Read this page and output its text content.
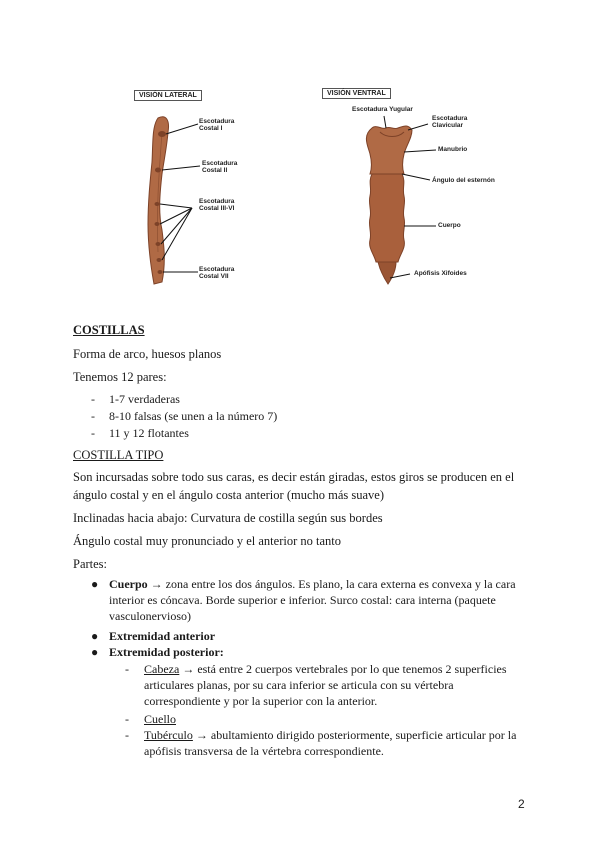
VISIÓN LATERAL
Escotadura
Costal I
Escotadura
Costal II
Escotadura
Costal III-VI
Escotadura
Costal VII
VISIÓN VENTRAL
Escotadura Yugular
Escotadura
Clavicular
Manubrio
Ángulo del esternón
Cuerpo
Apófisis Xifoides
COSTILLAS
Forma de arco, huesos planos
Tenemos 12 pares:
- 1-7 verdaderas
- 8-10 falsas (se unen a la número 7)
- 11 y 12 flotantes
COSTILLA TIPO
Son incursadas sobre todo sus caras, es decir están giradas, estos giros se producen en el
ángulo costal y en el ángulo costa anterior (mucho más suave)
Inclinadas hacia abajo: Curvatura de costilla según sus bordes
Ángulo costal muy pronunciado y el anterior no tanto
Partes:
● Cuerpo → zona entre los dos ángulos. Es plano, la cara externa es convexa y la cara interior es cóncava. Borde superior e inferior. Surco costal: cara interna (paquete vasculonervioso)
● Extremidad anterior
● Extremidad posterior:
- Cabeza → está entre 2 cuerpos vertebrales por lo que tenemos 2 superficies articulares planas, por su cara inferior se articula con su vértebra correspondiente y por la superior con la anterior.
- Cuello
- Tubérculo → abultamiento dirigido posteriormente, superficie articular por la apófisis transversa de la vértebra correspondiente.
2
